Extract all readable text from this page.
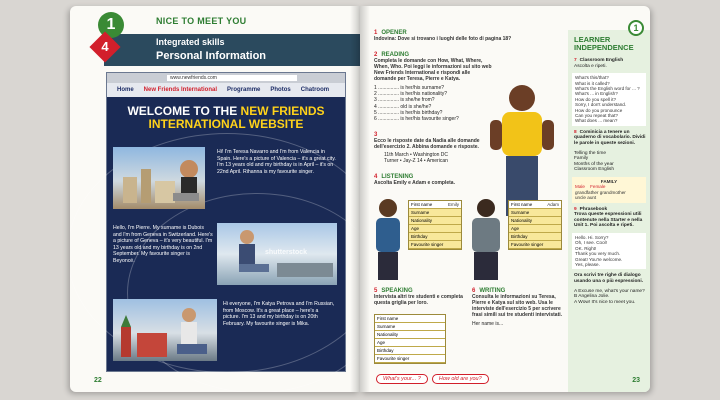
1	NICE TO MEET YOU
4	Integrated skills
Personal Information
www.newfriends.com
Home New Friends International Programme Photos Chatroom
WELCOME TO THE NEW FRIENDS
INTERNATIONAL WEBSITE
Hi! I'm Teresa Navarro and I'm from Valencia in Spain. Here's a picture of Valencia – it's a great city. I'm 13 years old and my birthday is in April – it's on 22nd April. Rihanna is my favourite singer.
Hello, I'm Pierre. My surname is Dubois and I'm from Geneva in Switzerland. Here's a picture of Geneva – it's very beautiful. I'm 13 years old and my birthday is on 2nd September. My favourite singer is Beyoncé.
shutterstock
Hi everyone, I'm Katya Petrova and I'm Russian, from Moscow. It's a great place – here's a picture. I'm 13 and my birthday is on 20th February. My favourite singer is Mika.
22
1 OPENER
Indovina: Dove si trovano i luoghi delle foto di pagina 18?
2 READING
Completa le domande con How, What, Where, When, Who. Poi leggi le informazioni sul sito web New Friends International e rispondi alle domande per Teresa, Pierre e Katya.
1 ............... is her/his surname?
2 ............... is her/his nationality?
3 ............... is she/he from?
4 ............... old is she/he?
5 ............... is her/his birthday?
6 ............... is her/his favourite singer?
3
Ecco le risposte date da Nadia alle domande dell'esercizio 2. Abbina domande e risposte.
11th March • Washington DC
Turner • Jay-Z 14 • American
4 LISTENING
Ascolta Emily e Adam e completa.
First name	Emily
Surname
Nationality
Age
Birthday
Favourite singer
First name	Adam
Surname
Nationality
Age
Birthday
Favourite singer
5 SPEAKING
Intervista altri tre studenti e completa questa griglia per loro.
First name
Surname
Nationality
Age
Birthday
Favourite singer
6 WRITING
Consulta le informazioni su Teresa, Pierre e Katya sul sito web. Usa le interviste dell'esercizio 5 per scrivere frasi simili sui tre studenti intervistati.
Her name is...
What's your... ?	How old are you?
LEARNER INDEPENDENCE
7 Classroom English
Ascolta e ripeti.
What's this/that?
What is it called?
What's the English word for ... ?
What's ... in English?
How do you spell it?
Sorry, I don't understand.
How do you pronounce
Can you repeat that?
What does ... mean?
8 Cominicia a tenere un quaderno di vocabolario. Dividi le parole in queste sezioni.
Telling the time
Family
Months of the year
Classroom English
FAMILY
Male Female
grandfather grandmother
uncle aunt
9 Phrasebook
Trova queste espressioni utili contenute nella Starter e nella Unit 1. Poi ascolta e ripeti.
Hello. Hi. Sorry?
Oh, I see. Cool!
OK. Right!
Thank you very much.
Great! You're welcome.
Yes, please.
Ora scrivi tre righe di dialogo usando una o più espressioni.
A Excuse me, what's your name?
B Angelina Jolie.
A Wow! It's nice to meet you.
1
23
